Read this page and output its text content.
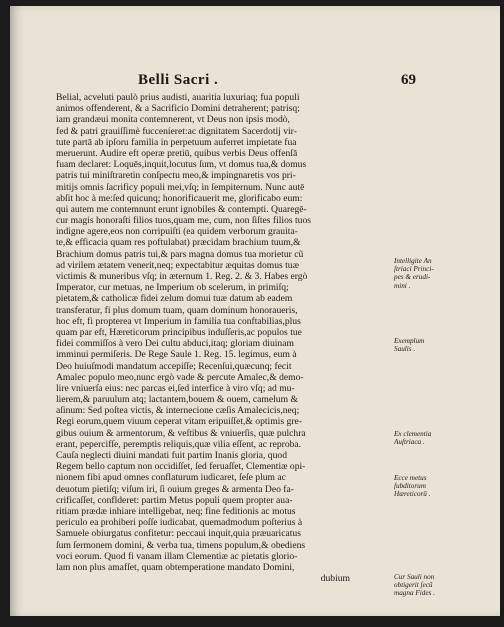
Belli Sacri .	69
Belial, acveluti paulò prius audisti, auaritia luxuriaq; fua populi
animos offenderent, & a Sacrificio Domini detraherent; patrisq;
iam grandæui monita contemnerent, vt Deus non ipsis modò,
fed & patri grauiſſimè fucceníeret:ac dignitatem Sacerdotij vir-
tute partā ab ipſoru familia in perpetuum auferret impietate fua
meruerunt. Audire eft operæ pretiū, quibus verbis Deus offenſā
fuam declaret: Loquēs,inquit,locutus ſum, vt domus tua,& domus
patris tui miniſtraretin conſpectu meo,& impingnaretis vos pri-
mitijs omnis ſacrificy populi mei,vſq; in ſempiternum. Nunc autē
abſit hoc à me:ſed quicunq; honorificauerit me, glorificabo eum:
qui autem me contemnunt erunt ignobiles & contempti. Quaregē-
cur magis honoraſti filios tuos,quam me, cum, non ſiſtes filios tuos
indigne agere,eos non corripuiſti (ea quidem verborum grauita-
te,& efficacia quam res poftulabat) præcidam brachium tuum,&
Brachium domus patris tui,& pars magna domus tua morietur cũ
ad virilem ætatem venerit,neq; expectabitur æquitas domus tuæ
victimis & muneribus vſq; in æternum 1. Reg. 2. & 3. Habes ergò
Imperator, cur metuas, ne Imperium ob scelerum, in primiſq;
pietatem,& catholicæ fidei zelum domui tuæ datum ab eadem
transferatur, fi plus domum tuam, quam dominum honoraueris,
hoc eft, fi propterea vt Imperium in familia tua conftabilias,plus
quam par eft, Hæreticorum principibus induſſeris,ac populos tue
fidei commiſſos à vero Dei cultu abduci,itaq; gloriam diuinam
imminui permiſeris. De Rege Saule 1. Reg. 15. legimus, eum à
Deo huiuſmodi mandatum accepiſſe; Recenſui,quæcunq; fecit
Amalec populo meo,nunc ergò vade & percute Amalec,& demo-
lire vniuerſa eius: nec parcas ei,ſed interfice à viro vſq; ad mu-
lierem,& paruulum atq; lactantem,bouem & ouem, camelum &
aſinum: Sed poſtea victis, & internecione cæſis Amalecicis,neq;
Regi eorum,quem viuum ceperat vitam eripuiſſet,& optimis gre-
gibus ouium & armentorum, & veſtibus & vniuerſis, quæ pulchra
erant, pepercifſe, peremptis reliquis,quæ vilia eſſent, ac reproba.
Cauſa neglecti diuini mandati fuit partim Inanis gloria, quod
Regem bello captum non occidiſſet, ſed feruaſſet, Clementiæ opi-
nionem fibi apud omnes conflaturum iudicaret, ſeſe plum ac
deuotum pietiſq; viſum iri, ſi ouium greges & armenta Deo fa-
crificaſſet, conflderet: partim Metus populi quem propter aua-
ritiam prædæ inhiare intelligebat, neq; fine feditionis ac motus
periculo ea prohiberi poſſe iudicabat, quemadmodum poſterius à
Samuele obiurgatus confitetur: peccaui inquit,quia præuaricatus
ſum ſermonem domini, & verba tua, timens populum,& obediens
voci eorum. Quod fi vanam illam Clementiæ ac pietatis glorio-
lam non plus amafſet, quam obtemperatione mandato Domini,
dubium
Intelligite An
ſtriaci Princi-
pes & erudi-
mini .
Exemplum
Saulis .
Ex clementia
Auſtriaca .
Ecce metus
ſubditorum
Hæreticorū .
Cur Sauli non
obtigerit ſecũ
magna Fides .
